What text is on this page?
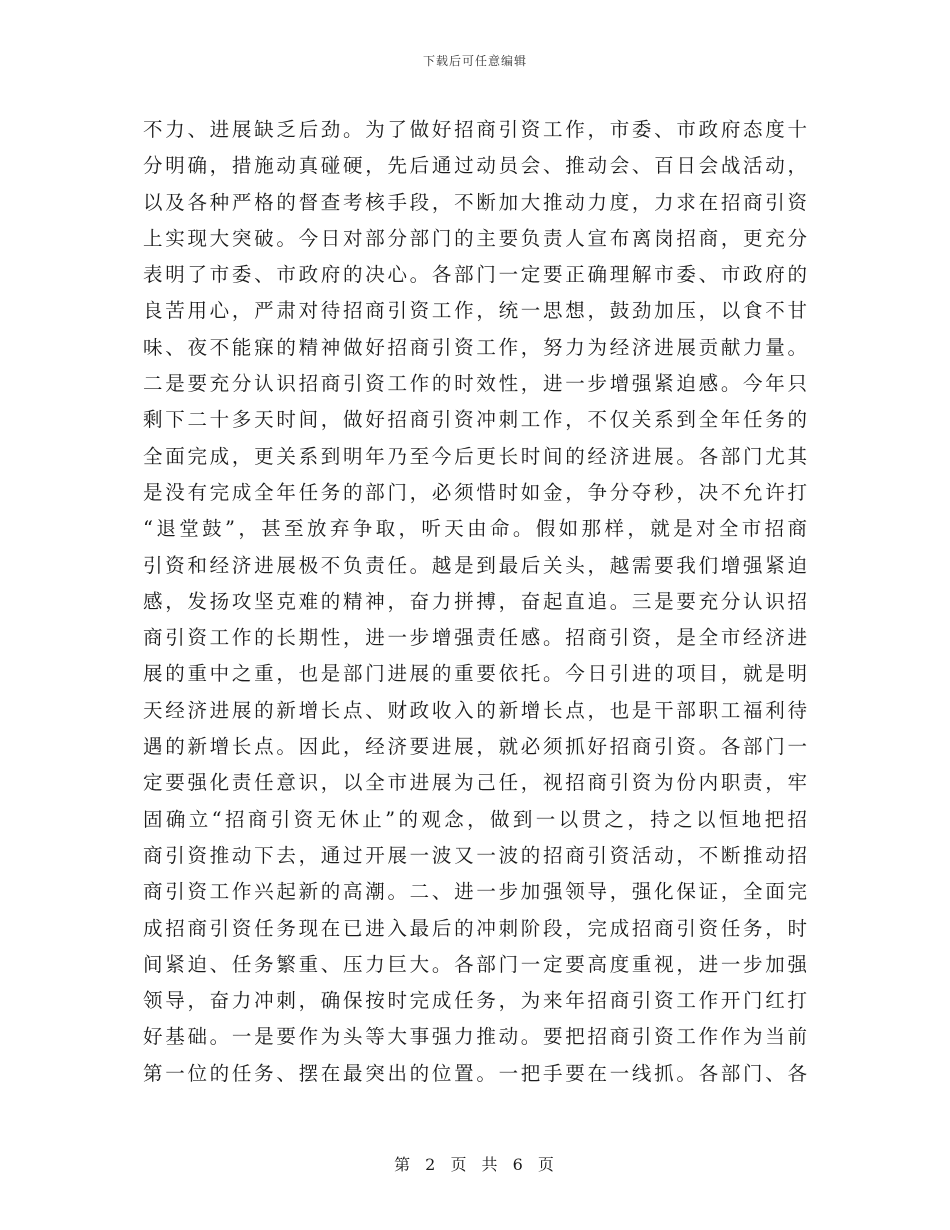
下载后可任意编辑
不力、进展缺乏后劲。为了做好招商引资工作，市委、市政府态度十
分明确，措施动真碰硬，先后通过动员会、推动会、百日会战活动，
以及各种严格的督查考核手段，不断加大推动力度，力求在招商引资
上实现大突破。今日对部分部门的主要负责人宣布离岗招商，更充分
表明了市委、市政府的决心。各部门一定要正确理解市委、市政府的
良苦用心，严肃对待招商引资工作，统一思想，鼓劲加压，以食不甘
味、夜不能寐的精神做好招商引资工作，努力为经济进展贡献力量。
二是要充分认识招商引资工作的时效性，进一步增强紧迫感。今年只
剩下二十多天时间，做好招商引资冲刺工作，不仅关系到全年任务的
全面完成，更关系到明年乃至今后更长时间的经济进展。各部门尤其
是没有完成全年任务的部门，必须惜时如金，争分夺秒，决不允许打
“退堂鼓”，甚至放弃争取，听天由命。假如那样，就是对全市招商
引资和经济进展极不负责任。越是到最后关头，越需要我们增强紧迫
感，发扬攻坚克难的精神，奋力拼搏，奋起直追。三是要充分认识招
商引资工作的长期性，进一步增强责任感。招商引资，是全市经济进
展的重中之重，也是部门进展的重要依托。今日引进的项目，就是明
天经济进展的新增长点、财政收入的新增长点，也是干部职工福利待
遇的新增长点。因此，经济要进展，就必须抓好招商引资。各部门一
定要强化责任意识，以全市进展为己任，视招商引资为份内职责，牢
固确立“招商引资无休止”的观念，做到一以贯之，持之以恒地把招
商引资推动下去，通过开展一波又一波的招商引资活动，不断推动招
商引资工作兴起新的高潮。二、进一步加强领导，强化保证，全面完
成招商引资任务现在已进入最后的冲刺阶段，完成招商引资任务，时
间紧迫、任务繁重、压力巨大。各部门一定要高度重视，进一步加强
领导，奋力冲刺，确保按时完成任务，为来年招商引资工作开门红打
好基础。一是要作为头等大事强力推动。要把招商引资工作作为当前
第一位的任务、摆在最突出的位置。一把手要在一线抓。各部门、各
第 2 页 共 6 页
